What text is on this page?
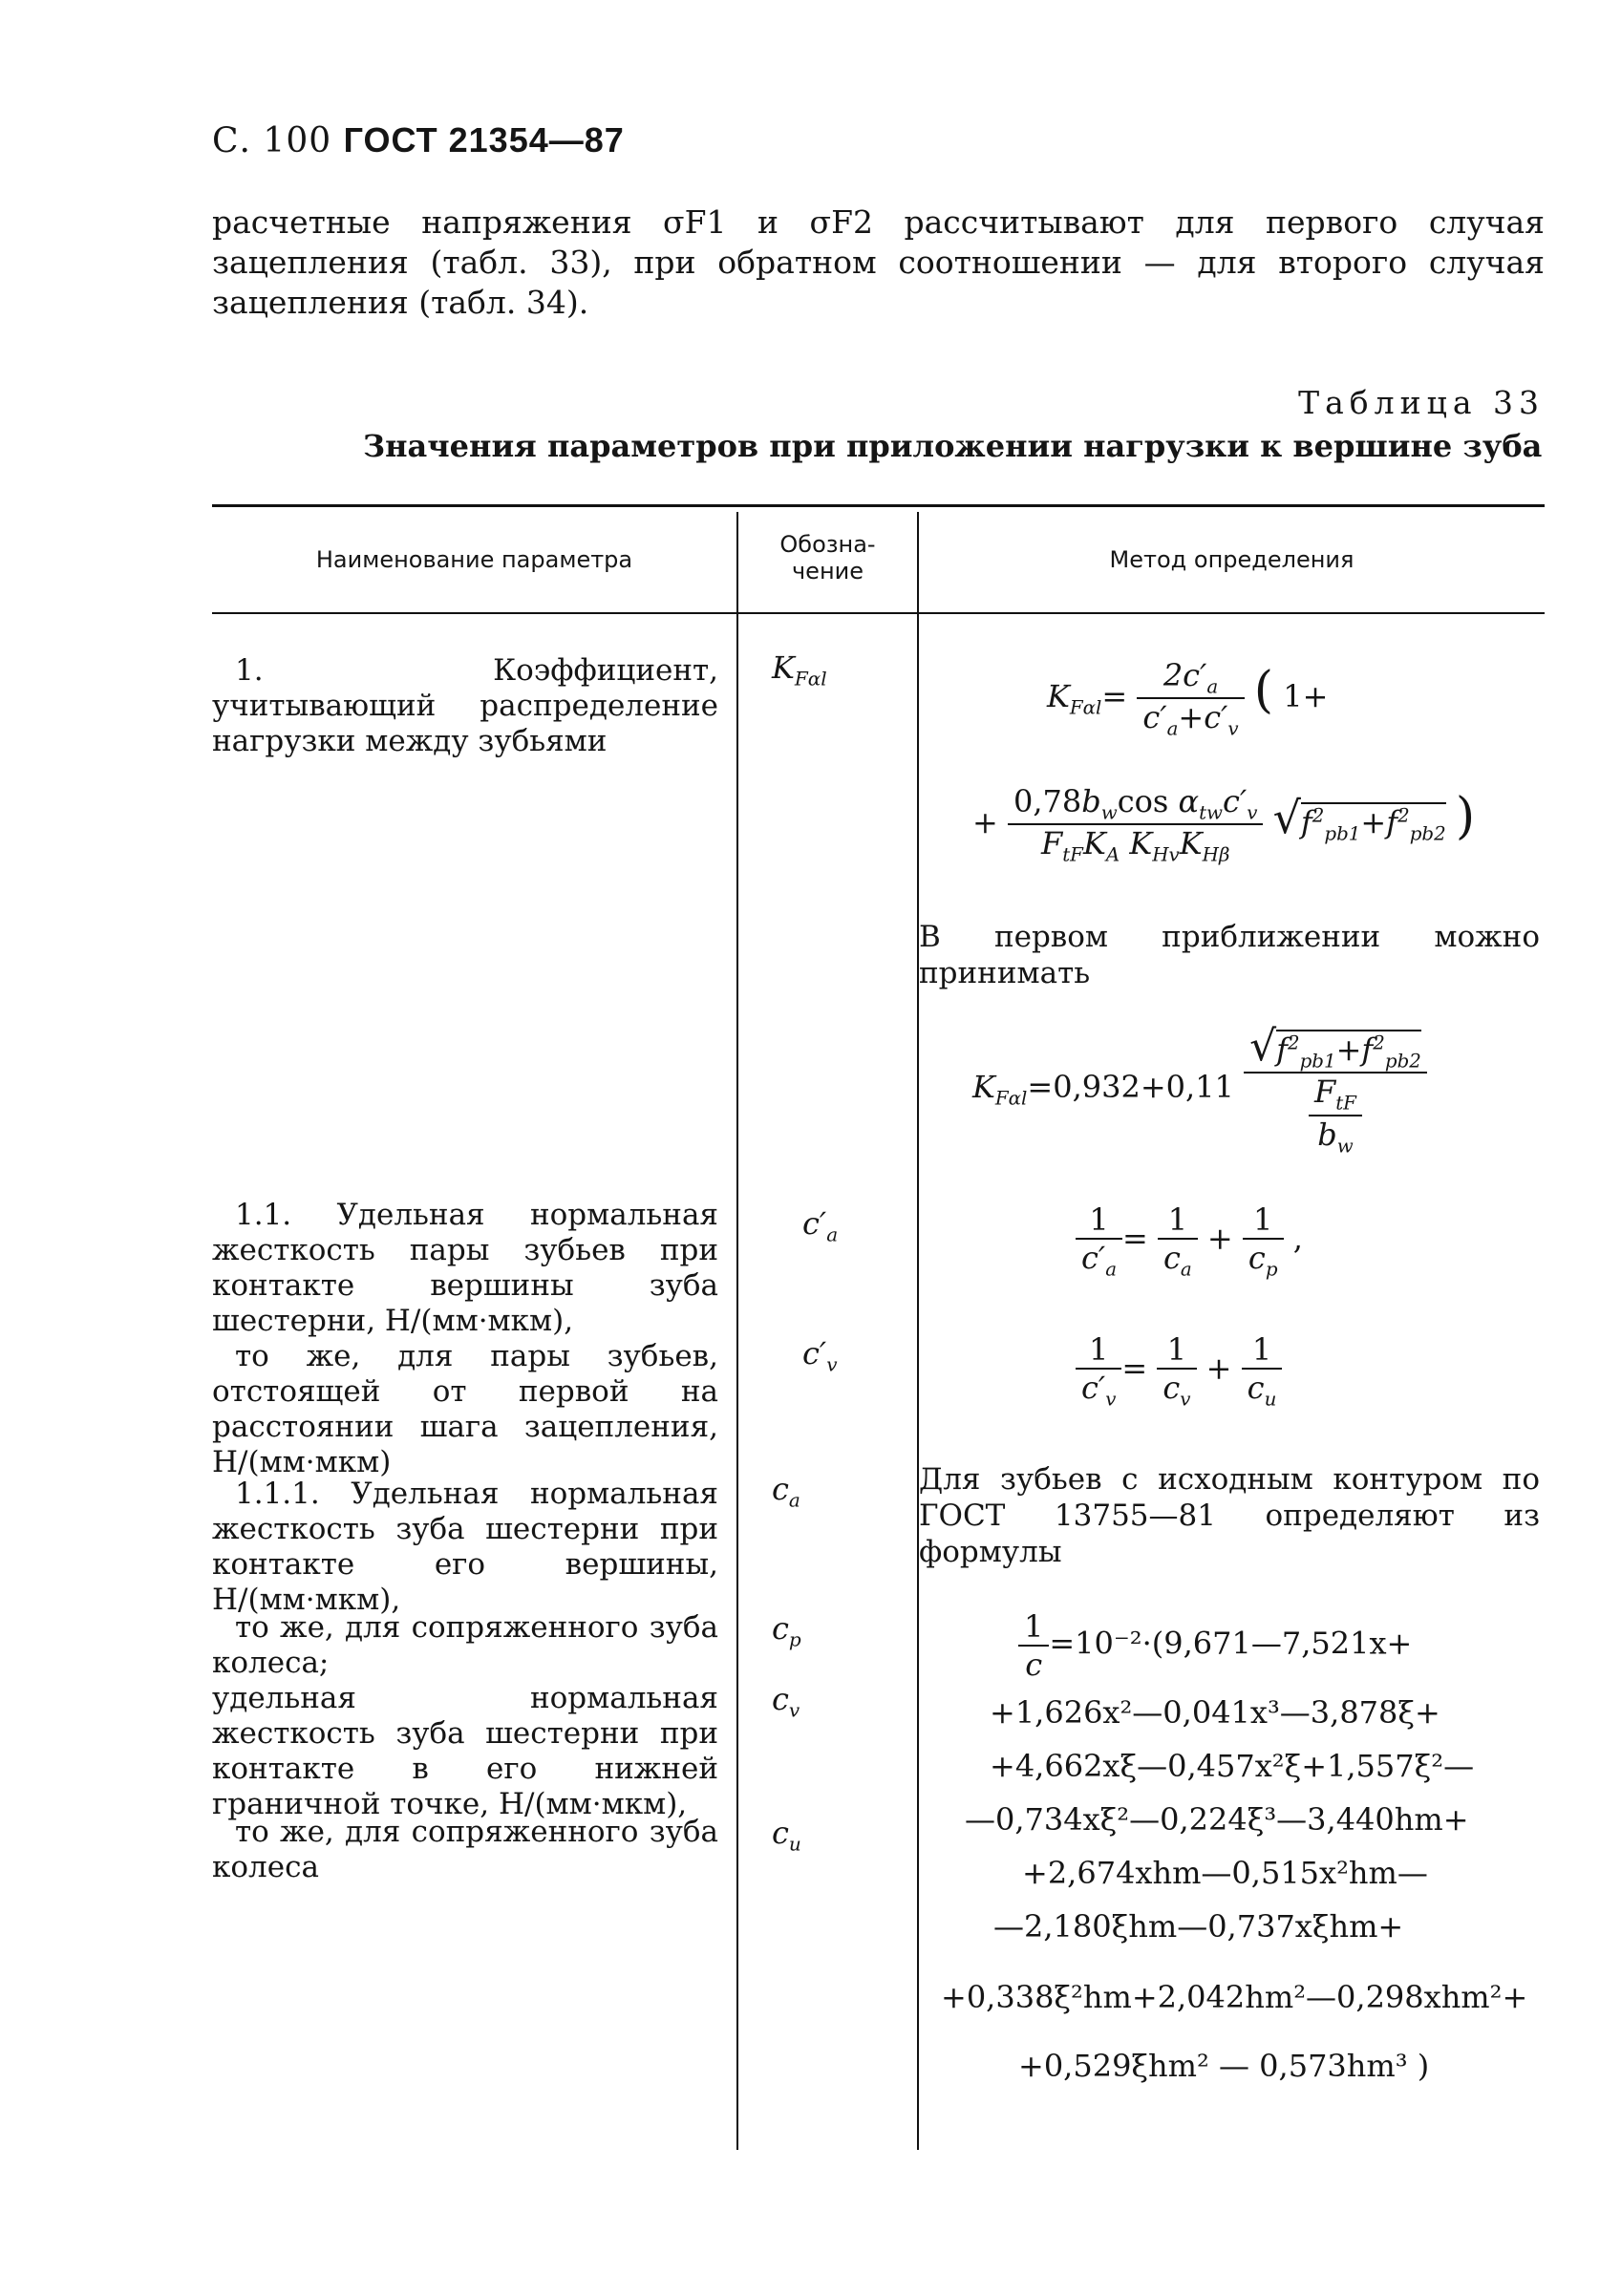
С. 100 ГОСТ 21354—87
расчетные напряжения σF1 и σF2 рассчитывают для первого случая зацепления (табл. 33), при обратном соотношении — для второго случая зацепления (табл. 34).
Таблица 33
Значения параметров при приложении нагрузки к вершине зуба
Наименование параметра
Обозна-
чение	Метод определения
1. Коэффициент, учитывающий распределение нагрузки между зубьями
1.1. Удельная нормальная жесткость пары зубьев при контакте вершины зуба шестерни, Н/(мм·мкм),
то же, для пары зубьев, отстоящей от первой на расстоянии шага зацепления, Н/(мм·мкм)
1.1.1. Удельная нормальная жесткость зуба шестерни при контакте его вершины, Н/(мм·мкм),
то же, для сопряженного зуба колеса;
удельная нормальная жесткость зуба шестерни при контакте в его нижней граничной точке, Н/(мм·мкм),
то же, для сопряженного зуба колеса
$K_{F\alpha l}$
$c'_a$
$c'_v$
$c_a$
$c_p$
$c_v$
$c_u$
$K_{F\alpha l}= \frac{2c'_a}{c'_a+c'_v}$ ( 1+
+ $\frac{0,78b_w\cos \alpha_{tw}c'_v}{F_{tF}K_A K_{Hv}K_{H\beta}} √f^2_{pb1}+f^2_{pb2}$ )
В первом приближении можно принимать
$K_{F\alpha l}=0,932+0,11 \frac{√f^2_{pb1}+f^2_{pb2}}{\frac{F_{tF}}{b_w}}$
$\frac{1}{c'_a} = \frac{1}{c_a} + \frac{1}{c_p}$ ,
$\frac{1}{c'_v} = \frac{1}{c_v} + \frac{1}{c_u}$
Для зубьев с исходным контуром по ГОСТ 13755—81 определяют из формулы
$\frac{1}{c}$ =10⁻²·(9,671—7,521x+
+1,626x²—0,041x³—3,878ξ+
+4,662xξ—0,457x²ξ+1,557ξ²—
—0,734xξ²—0,224ξ³—3,440hm+
+2,674xhm—0,515x²hm—
—2,180ξhm—0,737xξhm+
+0,338ξ²hm+2,042hm²—0,298xhm²+
+0,529ξhm² — 0,573hm³ )
